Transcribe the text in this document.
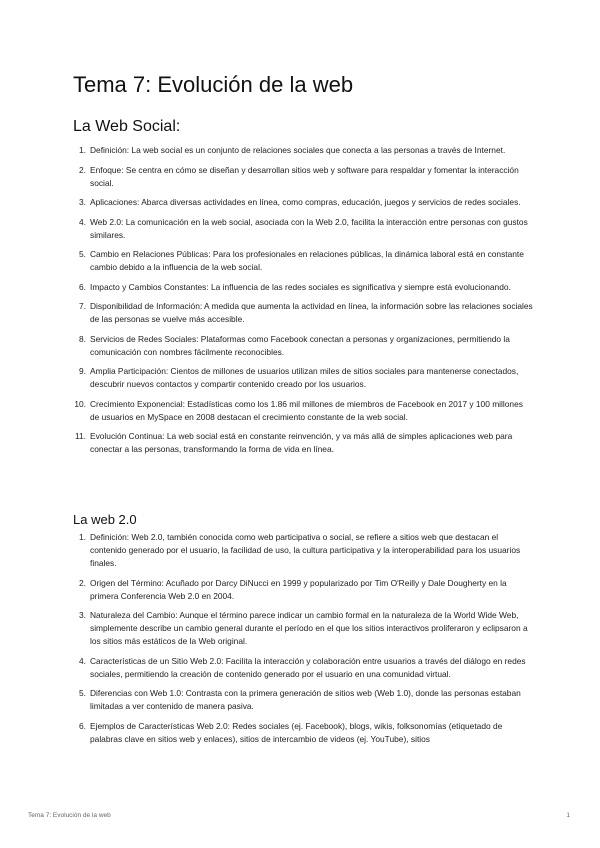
Tema 7: Evolución de la web
La Web Social:
1. Definición: La web social es un conjunto de relaciones sociales que conecta a las personas a través de Internet.
2. Enfoque: Se centra en cómo se diseñan y desarrollan sitios web y software para respaldar y fomentar la interacción social.
3. Aplicaciones: Abarca diversas actividades en línea, como compras, educación, juegos y servicios de redes sociales.
4. Web 2.0: La comunicación en la web social, asociada con la Web 2.0, facilita la interacción entre personas con gustos similares.
5. Cambio en Relaciones Públicas: Para los profesionales en relaciones públicas, la dinámica laboral está en constante cambio debido a la influencia de la web social.
6. Impacto y Cambios Constantes: La influencia de las redes sociales es significativa y siempre está evolucionando.
7. Disponibilidad de Información: A medida que aumenta la actividad en línea, la información sobre las relaciones sociales de las personas se vuelve más accesible.
8. Servicios de Redes Sociales: Plataformas como Facebook conectan a personas y organizaciones, permitiendo la comunicación con nombres fácilmente reconocibles.
9. Amplia Participación: Cientos de millones de usuarios utilizan miles de sitios sociales para mantenerse conectados, descubrir nuevos contactos y compartir contenido creado por los usuarios.
10. Crecimiento Exponencial: Estadísticas como los 1.86 mil millones de miembros de Facebook en 2017 y 100 millones de usuarios en MySpace en 2008 destacan el crecimiento constante de la web social.
11. Evolución Continua: La web social está en constante reinvención, y va más allá de simples aplicaciones web para conectar a las personas, transformando la forma de vida en línea.
La web 2.0
1. Definición: Web 2.0, también conocida como web participativa o social, se refiere a sitios web que destacan el contenido generado por el usuario, la facilidad de uso, la cultura participativa y la interoperabilidad para los usuarios finales.
2. Origen del Término: Acuñado por Darcy DiNucci en 1999 y popularizado por Tim O'Reilly y Dale Dougherty en la primera Conferencia Web 2.0 en 2004.
3. Naturaleza del Cambio: Aunque el término parece indicar un cambio formal en la naturaleza de la World Wide Web, simplemente describe un cambio general durante el período en el que los sitios interactivos proliferaron y eclipsaron a los sitios más estáticos de la Web original.
4. Características de un Sitio Web 2.0: Facilita la interacción y colaboración entre usuarios a través del diálogo en redes sociales, permitiendo la creación de contenido generado por el usuario en una comunidad virtual.
5. Diferencias con Web 1.0: Contrasta con la primera generación de sitios web (Web 1.0), donde las personas estaban limitadas a ver contenido de manera pasiva.
6. Ejemplos de Características Web 2.0: Redes sociales (ej. Facebook), blogs, wikis, folksonomías (etiquetado de palabras clave en sitios web y enlaces), sitios de intercambio de videos (ej. YouTube), sitios
Tema 7: Evolución de la web	1
